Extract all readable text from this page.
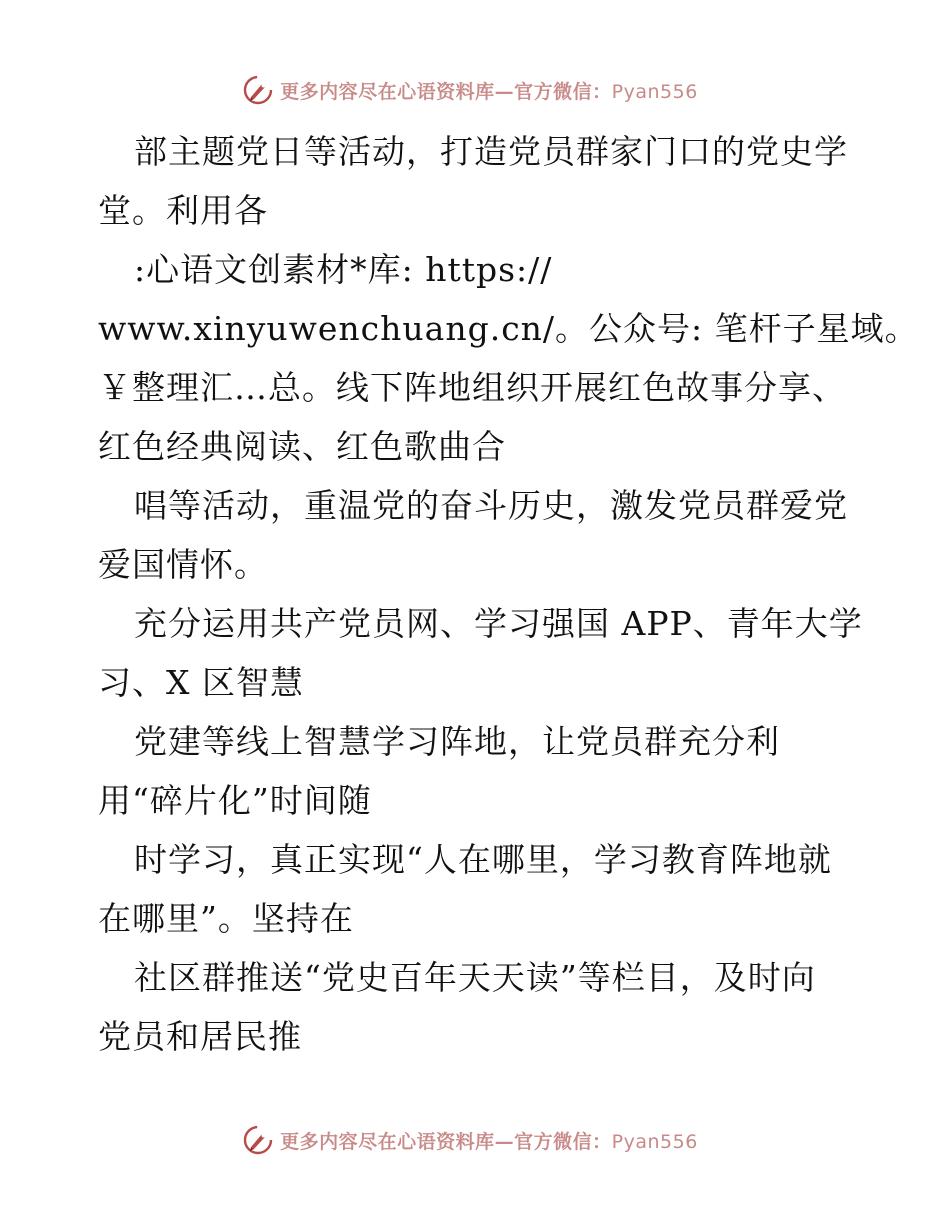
更多内容尽在心语资料库—官方微信：Pyan556
部主题党日等活动，打造党员群家门口的党史学
堂。利用各
:心语文创素材*库: https://
www.xinyuwenchuang.cn/。公众号: 笔杆子星域。
￥整理汇…总。线下阵地组织开展红色故事分享、
红色经典阅读、红色歌曲合
唱等活动，重温党的奋斗历史，激发党员群爱党
爱国情怀。
充分运用共产党员网、学习强国 APP、青年大学
习、X 区智慧
党建等线上智慧学习阵地，让党员群充分利
用“碎片化”时间随
时学习，真正实现“人在哪里，学习教育阵地就
在哪里”。坚持在
社区群推送“党史百年天天读”等栏目，及时向
党员和居民推
更多内容尽在心语资料库—官方微信：Pyan556
